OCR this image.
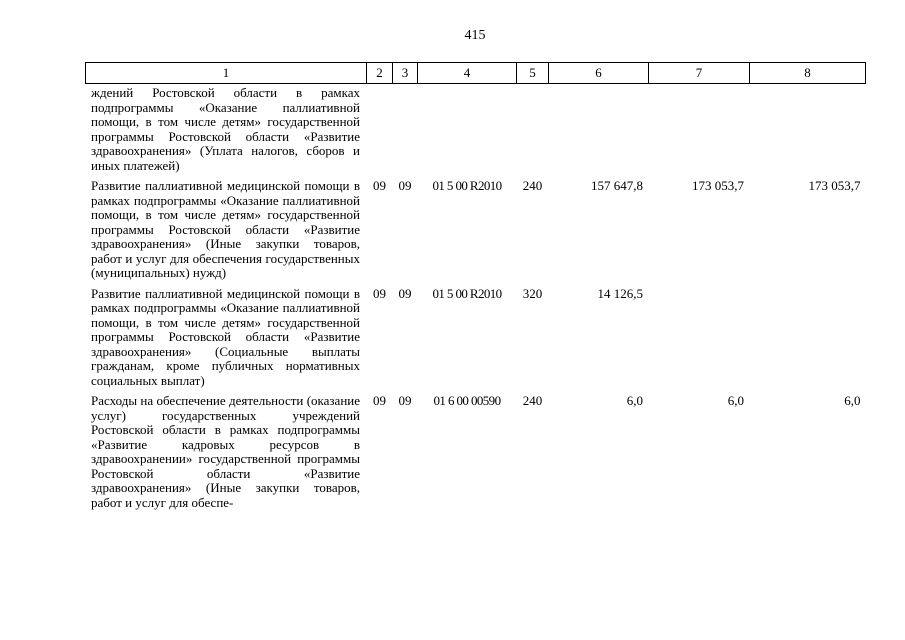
415
1	2	3	4	5	6	7	8
ждений Ростовской области в рамках подпрограммы «Оказание паллиативной помощи, в том числе детям» государственной программы Ростовской области «Развитие здравоохранения» (Уплата налогов, сборов и иных платежей)							
Развитие паллиативной медицинской помощи в рамках подпрограммы «Оказание паллиативной помощи, в том числе детям» государственной программы Ростовской области «Развитие здравоохранения» (Иные закупки товаров, работ и услуг для обеспечения государственных (муниципальных) нужд)	09	09	01 5 00 R2010	240	157 647,8	173 053,7	173 053,7
Развитие паллиативной медицинской помощи в рамках подпрограммы «Оказание паллиативной помощи, в том числе детям» государственной программы Ростовской области «Развитие здравоохранения» (Социальные выплаты гражданам, кроме публичных нормативных социальных выплат)	09	09	01 5 00 R2010	320	14 126,5		
Расходы на обеспечение деятельности (оказание услуг) государственных учреждений Ростовской области в рамках подпрограммы «Развитие кадровых ресурсов в здравоохранении» государственной программы Ростовской области «Развитие здравоохранения» (Иные закупки товаров, работ и услуг для обеспе-	09	09	01 6 00 00590	240	6,0	6,0	6,0
